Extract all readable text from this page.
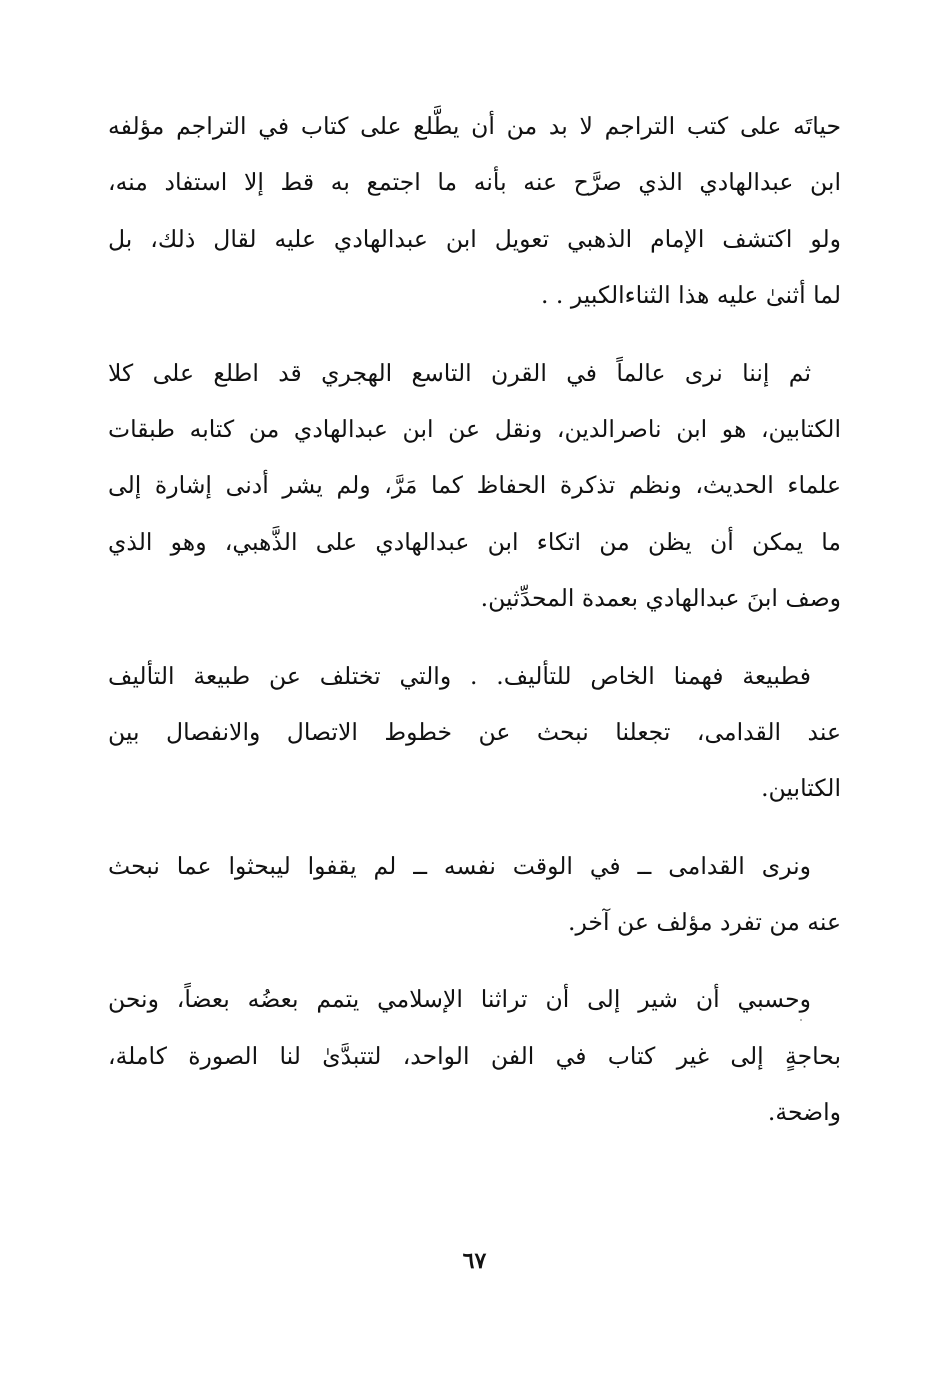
حياتَه على كتب التراجم لا بد من أن يطَّلع على كتاب في التراجم مؤلفه
ابن عبدالهادي الذي صرَّح عنه بأنه ما اجتمع به قط إلا استفاد منه،
ولو اكتشف الإمام الذهبي تعويل ابن عبدالهادي عليه لقال ذلك، بل
لما أثنىٰ عليه هذا الثناءالكبير . .
ثم إننا نرى عالماً في القرن التاسع الهجري قد اطلع على كلا
الكتابين، هو ابن ناصرالدين، ونقل عن ابن عبدالهادي من كتابه طبقات
علماء الحديث، ونظم تذكرة الحفاظ كما مَرَّ، ولم يشر أدنى إشارة إلى
ما يمكن أن يظن من اتكاء ابن عبدالهادي على الذَّهبي، وهو الذي
وصف ابنَ عبدالهادي بعمدة المحدِّثين.
فطبيعة فهمنا الخاص للتأليف. . والتي تختلف عن طبيعة التأليف
عند القدامى، تجعلنا نبحث عن خطوط الاتصال والانفصال بين
الكتابين.
ونرى القدامى ــ في الوقت نفسه ــ لم يقفوا ليبحثوا عما نبحث
عنه من تفرد مؤلف عن آخر.
وحسبي أن شير إلى أن تراثنا الإسلامي يتمم بعضُه بعضاً، ونحن
بحاجةٍ إلى غير كتاب في الفن الواحد، لتتبدَّىٰ لنا الصورة كاملة،
واضحة.
٦٧
